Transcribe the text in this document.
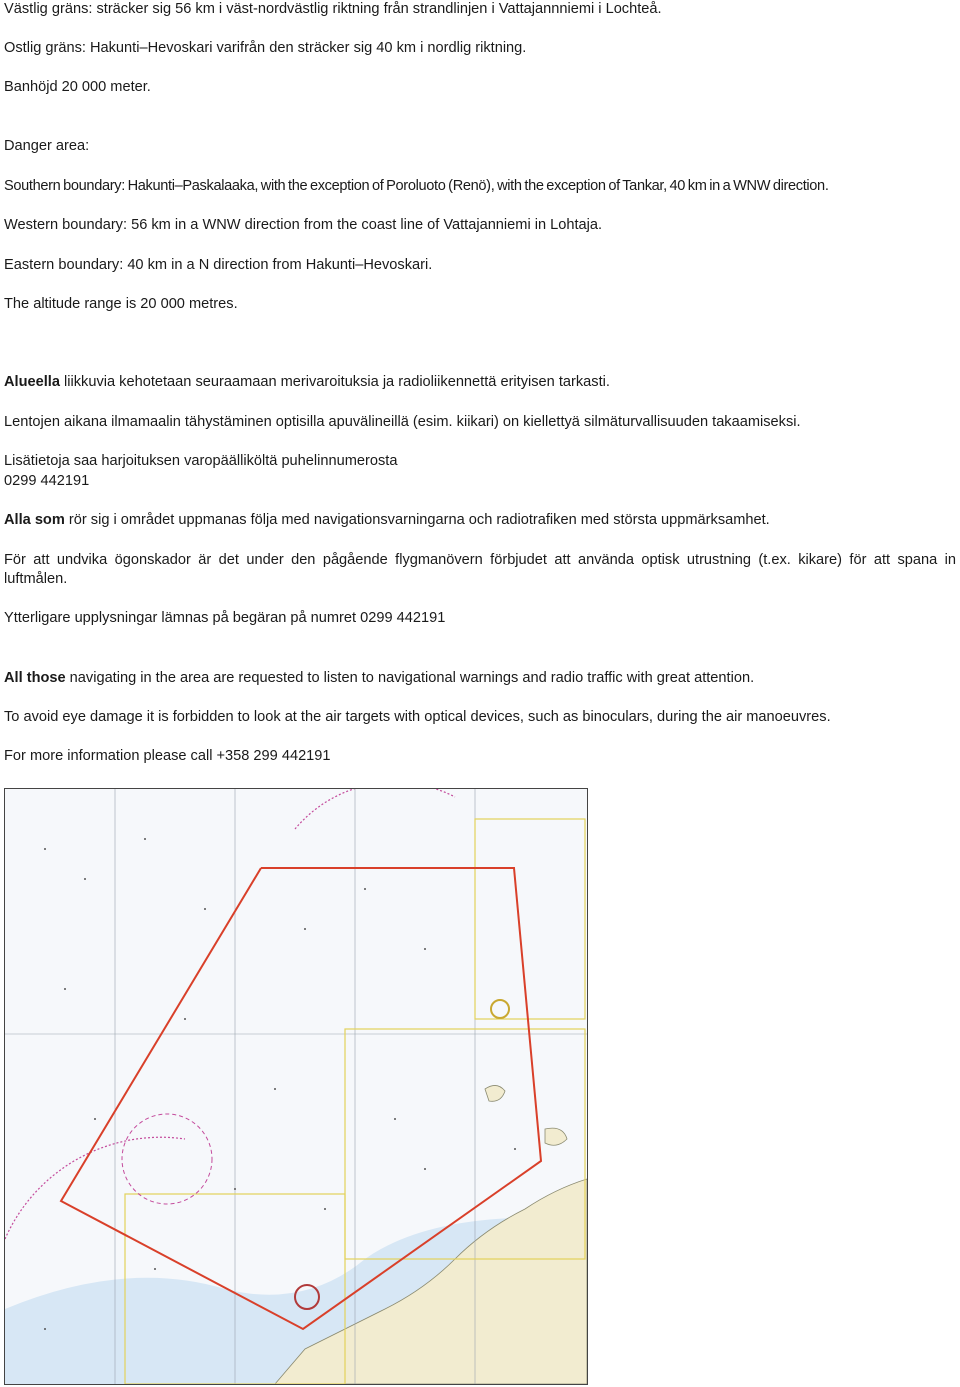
Västlig gräns: sträcker sig 56 km i väst-nordvästlig riktning från strandlinjen i Vattajannniemi i Lochteå.
Ostlig gräns: Hakunti–Hevoskari varifrån den sträcker sig 40 km i nordlig riktning.
Banhöjd 20 000 meter.
Danger area:
Southern boundary: Hakunti–Paskalaaka, with the exception of Poroluoto (Renö), with the exception of Tankar, 40 km in a WNW direction.
Western boundary: 56 km in a WNW direction from the coast line of Vattajanniemi in Lohtaja.
Eastern boundary: 40 km in a N direction from Hakunti–Hevoskari.
The altitude range is 20 000 metres.
Alueella liikkuvia kehotetaan seuraamaan merivaroituksia ja radioliikennettä erityisen tarkasti.
Lentojen aikana ilmamaalin tähystäminen optisilla apuvälineillä (esim. kiikari) on kiellettyä silmäturvallisuuden takaamiseksi.
Lisätietoja saa harjoituksen varopäälliköltä puhelinnumerosta
0299 442191
Alla som rör sig i området uppmanas följa med navigationsvarningarna och radiotrafiken med största uppmärksamhet.
För att undvika ögonskador är det under den pågående flygmanövern förbjudet att använda optisk utrustning (t.ex. kikare) för att spana in luftmålen.
Ytterligare upplysningar lämnas på begäran på numret 0299 442191
All those navigating in the area are requested to listen to navigational warnings and radio traffic with great attention.
To avoid eye damage it is forbidden to look at the air targets with optical devices, such as binoculars, during the air manoeuvres.
For more information please call +358 299 442191
